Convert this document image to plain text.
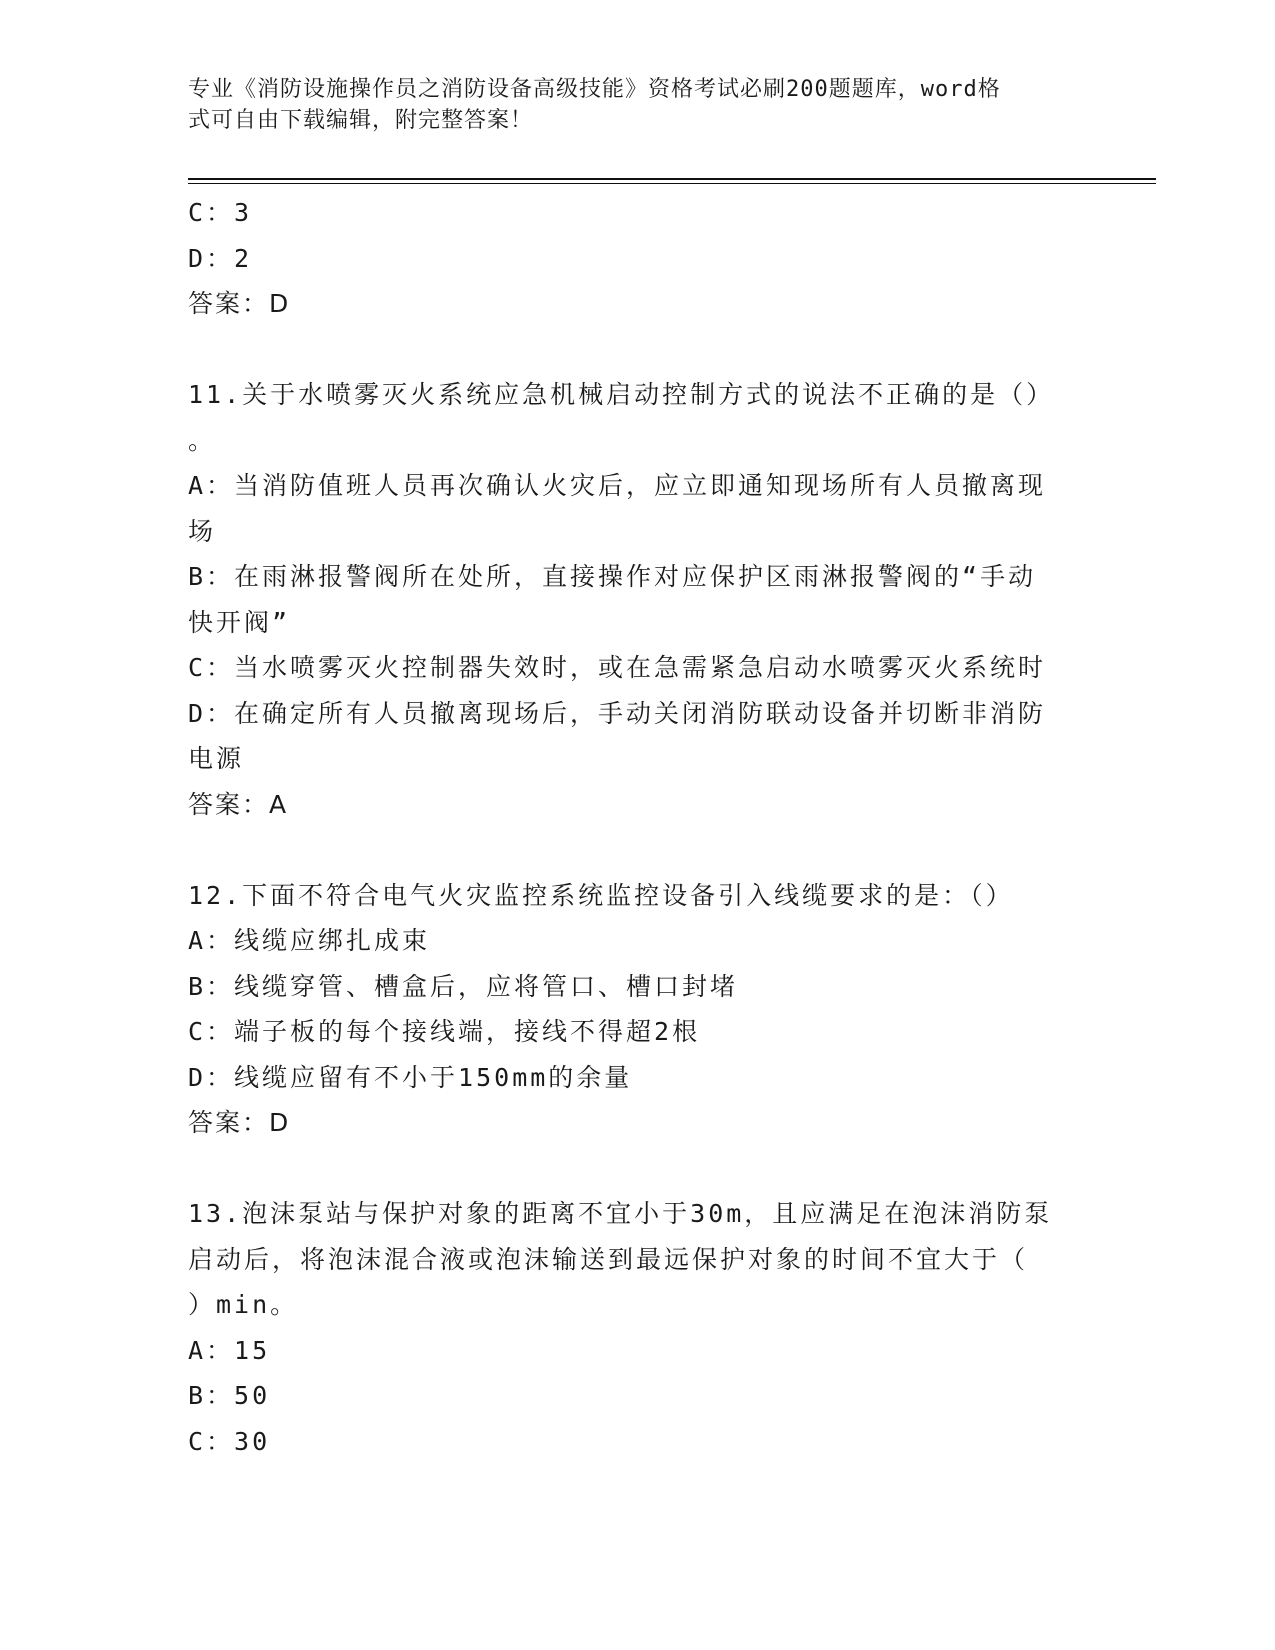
专业《消防设施操作员之消防设备高级技能》资格考试必刷200题题库，word格
式可自由下载编辑，附完整答案！
C：3
D：2
答案：D
11.关于水喷雾灭火系统应急机械启动控制方式的说法不正确的是（）
。
A：当消防值班人员再次确认火灾后，应立即通知现场所有人员撤离现
场
B：在雨淋报警阀所在处所，直接操作对应保护区雨淋报警阀的“手动
快开阀”
C：当水喷雾灭火控制器失效时，或在急需紧急启动水喷雾灭火系统时
D：在确定所有人员撤离现场后，手动关闭消防联动设备并切断非消防
电源
答案：A
12.下面不符合电气火灾监控系统监控设备引入线缆要求的是：（）
A：线缆应绑扎成束
B：线缆穿管、槽盒后，应将管口、槽口封堵
C：端子板的每个接线端，接线不得超2根
D：线缆应留有不小于150mm的余量
答案：D
13.泡沫泵站与保护对象的距离不宜小于30m，且应满足在泡沫消防泵
启动后，将泡沫混合液或泡沫输送到最远保护对象的时间不宜大于（
）min。
A：15
B：50
C：30
